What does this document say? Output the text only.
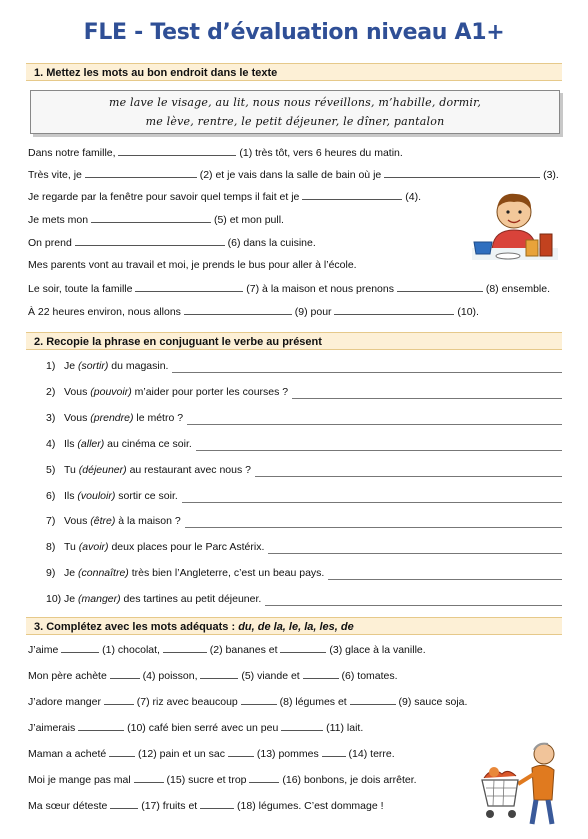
FLE - Test d’évaluation niveau A1+
1. Mettez les mots au bon endroit dans le texte
me lave le visage, au lit, nous nous réveillons, m’habille, dormir,
me lève, rentre, le petit déjeuner, le dîner, pantalon
Dans notre famille,	(1) très tôt, vers 6 heures du matin.
Très vite, je	(2) et je vais dans la salle de bain où je	(3).
Je regarde par la fenêtre pour savoir quel temps il fait et je	(4).
Je mets mon	(5) et mon pull.
On prend	(6) dans la cuisine.
Mes parents vont au travail et moi, je prends le bus pour aller à l’école.
Le soir, toute la famille	(7) à la maison et nous prenons	(8) ensemble.
À 22 heures environ, nous allons	(9) pour	(10).
2. Recopie la phrase en conjuguant le verbe au présent
1) Je (sortir) du magasin.
2) Vous (pouvoir) m’aider pour porter les courses ?
3) Vous (prendre) le métro ?
4) Ils (aller) au cinéma ce soir.
5) Tu (déjeuner) au restaurant avec nous ?
6) Ils (vouloir) sortir ce soir.
7) Vous (être) à la maison ?
8) Tu (avoir) deux places pour le Parc Astérix.
9) Je (connaître) très bien l’Angleterre, c’est un beau pays.
10) Je (manger) des tartines au petit déjeuner.
3. Complétez avec les mots adéquats : du, de la, le, la, les, de
J’aime	(1) chocolat,	(2) bananes et	(3) glace à la vanille.
Mon père achète	(4) poisson,	(5) viande et	(6) tomates.
J’adore manger	(7) riz avec beaucoup	(8) légumes et	(9) sauce soja.
J’aimerais	(10) café bien serré avec un peu	(11) lait.
Maman a acheté  (12) pain et un sac  (13) pommes  (14) terre.
Moi je mange pas mal	(15) sucre et trop	(16) bonbons, je dois arrêter.
Ma sœur déteste	(17) fruits et	(18) légumes. C’est dommage !
